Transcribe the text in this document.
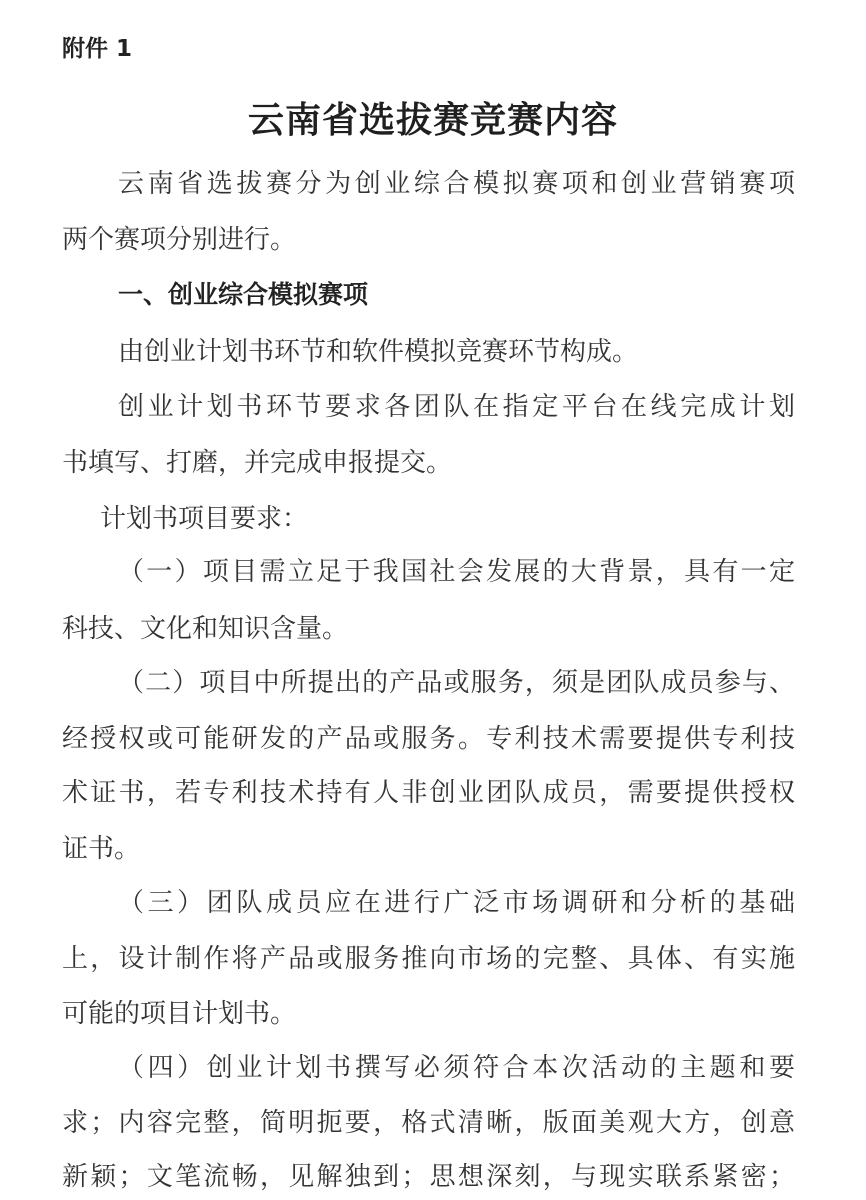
附件 1
云南省选拔赛竞赛内容
云南省选拔赛分为创业综合模拟赛项和创业营销赛项
两个赛项分别进行。
一、创业综合模拟赛项
由创业计划书环节和软件模拟竞赛环节构成。
创业计划书环节要求各团队在指定平台在线完成计划
书填写、打磨，并完成申报提交。
计划书项目要求：
（一）项目需立足于我国社会发展的大背景，具有一定
科技、文化和知识含量。
（二）项目中所提出的产品或服务，须是团队成员参与、
经授权或可能研发的产品或服务。专利技术需要提供专利技
术证书，若专利技术持有人非创业团队成员，需要提供授权
证书。
（三）团队成员应在进行广泛市场调研和分析的基础
上，设计制作将产品或服务推向市场的完整、具体、有实施
可能的项目计划书。
（四）创业计划书撰写必须符合本次活动的主题和要
求；内容完整，简明扼要，格式清晰，版面美观大方，创意
新颖；文笔流畅，见解独到；思想深刻，与现实联系紧密；
